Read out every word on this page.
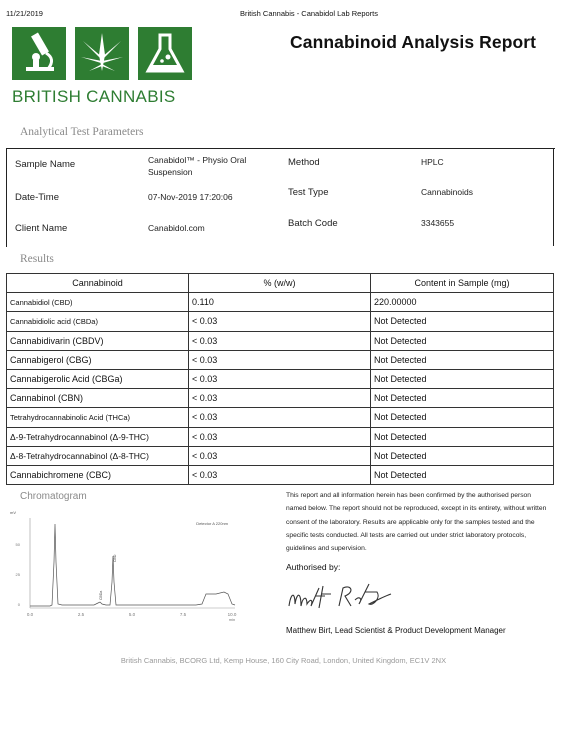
11/21/2019	British Cannabis - Canabidol Lab Reports
BRITISH CANNABIS
Cannabinoid Analysis Report
Analytical Test Parameters
Sample Name	Canabidol™ - Physio Oral Suspension
Date-Time	07-Nov-2019 17:20:06
Client Name	Canabidol.com
Method	HPLC
Test Type	Cannabinoids
Batch Code	3343655
Results
Cannabinoid	% (w/w)	Content in Sample (mg)
Cannabidiol (CBD)	0.110	220.00000
Cannabidiolic acid (CBDa)	< 0.03	Not Detected
Cannabidivarin (CBDV)	< 0.03	Not Detected
Cannabigerol (CBG)	< 0.03	Not Detected
Cannabigerolic Acid (CBGa)	< 0.03	Not Detected
Cannabinol (CBN)	< 0.03	Not Detected
Tetrahydrocannabinolic Acid (THCa)	< 0.03	Not Detected
Δ-9-Tetrahydrocannabinol (Δ-9-THC)	< 0.03	Not Detected
Δ-8-Tetrahydrocannabinol (Δ-8-THC)	< 0.03	Not Detected
Cannabichromene (CBC)	< 0.03	Not Detected
Chromatogram
mV
Detector A 220nm
50
25
0
CBDa
CBD
0.0	2.5	5.0	7.5	10.0
min
This report and all information herein has been confirmed by the authorised person named below. The report should not be reproduced, except in its entirety, without written consent of the laboratory. Results are applicable only for the samples tested and the specific tests conducted. All tests are carried out under strict laboratory protocols, guidelines and supervision.
Authorised by:
Matthew Birt, Lead Scientist & Product Development Manager
British Cannabis, BCORG Ltd, Kemp House, 160 City Road, London, United Kingdom, EC1V 2NX
